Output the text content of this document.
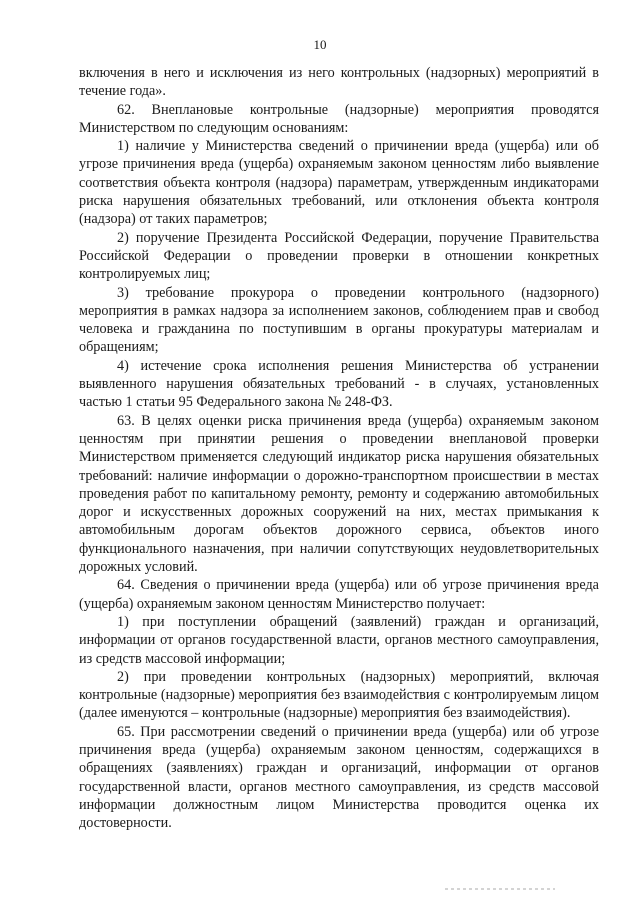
10

включения в него и исключения из него контрольных (надзорных) мероприятий в течение года».

62. Внеплановые контрольные (надзорные) мероприятия проводятся Министерством по следующим основаниям:

1) наличие у Министерства сведений о причинении вреда (ущерба) или об угрозе причинения вреда (ущерба) охраняемым законом ценностям либо выявление соответствия объекта контроля (надзора) параметрам, утвержденным индикаторами риска нарушения обязательных требований, или отклонения объекта контроля (надзора) от таких параметров;

2) поручение Президента Российской Федерации, поручение Правительства Российской Федерации о проведении проверки в отношении конкретных контролируемых лиц;

3) требование прокурора о проведении контрольного (надзорного) мероприятия в рамках надзора за исполнением законов, соблюдением прав и свобод человека и гражданина по поступившим в органы прокуратуры материалам и обращениям;

4) истечение срока исполнения решения Министерства об устранении выявленного нарушения обязательных требований - в случаях, установленных частью 1 статьи 95 Федерального закона № 248-ФЗ.

63. В целях оценки риска причинения вреда (ущерба) охраняемым законом ценностям при принятии решения о проведении внеплановой проверки Министерством применяется следующий индикатор риска нарушения обязательных требований: наличие информации о дорожно-транспортном происшествии в местах проведения работ по капитальному ремонту, ремонту и содержанию автомобильных дорог и искусственных дорожных сооружений на них, местах примыкания к автомобильным дорогам объектов дорожного сервиса, объектов иного функционального назначения, при наличии сопутствующих неудовлетворительных дорожных условий.

64. Сведения о причинении вреда (ущерба) или об угрозе причинения вреда (ущерба) охраняемым законом ценностям Министерство получает:

1) при поступлении обращений (заявлений) граждан и организаций, информации от органов государственной власти, органов местного самоуправления, из средств массовой информации;

2) при проведении контрольных (надзорных) мероприятий, включая контрольные (надзорные) мероприятия без взаимодействия с контролируемым лицом (далее именуются – контрольные (надзорные) мероприятия без взаимодействия).

65. При рассмотрении сведений о причинении вреда (ущерба) или об угрозе причинения вреда (ущерба) охраняемым законом ценностям, содержащихся в обращениях (заявлениях) граждан и организаций, информации от органов государственной власти, органов местного самоуправления, из средств массовой информации должностным лицом Министерства проводится оценка их достоверности.
